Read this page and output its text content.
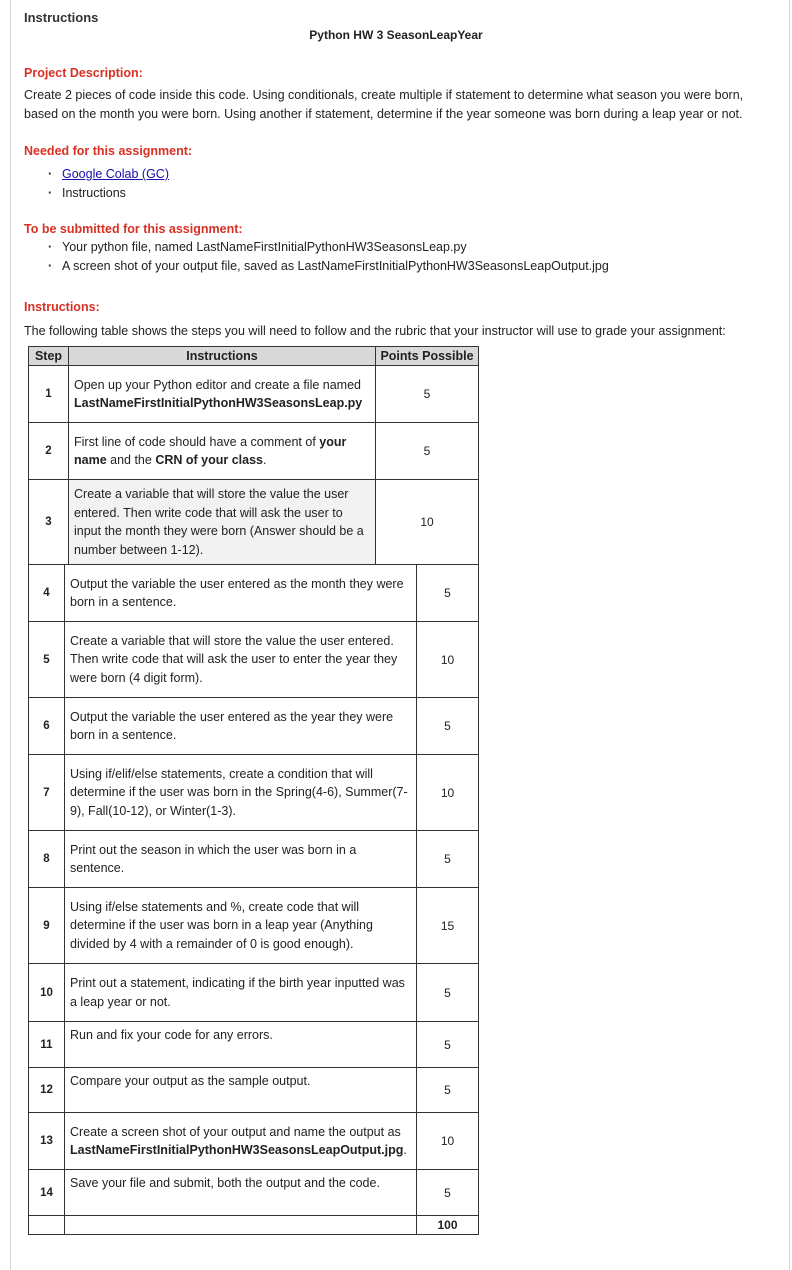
Instructions
Python HW 3 SeasonLeapYear
Project Description:
Create 2 pieces of code inside this code. Using conditionals, create multiple if statement to determine what season you were born, based on the month you were born. Using another if statement, determine if the year someone was born during a leap year or not.
Needed for this assignment:
· Google Colab (GC)
· Instructions
To be submitted for this assignment:
· Your python file, named LastNameFirstInitialPythonHW3SeasonsLeap.py
· A screen shot of your output file, saved as LastNameFirstInitialPythonHW3SeasonsLeapOutput.jpg
Instructions:
The following table shows the steps you will need to follow and the rubric that your instructor will use to grade your assignment:
Step	Instructions	Points Possible
1
Open up your Python editor and create a file named
LastNameFirstInitialPythonHW3SeasonsLeap.py
5
2
First line of code should have a comment of your name and the CRN of your class.
5
3
Create a variable that will store the value the user entered. Then write code that will ask the user to input the month they were born (Answer should be a number between 1-12).
10
4
Output the variable the user entered as the month they were born in a sentence.
5
5
Create a variable that will store the value the user entered. Then write code that will ask the user to enter the year they were born (4 digit form).
10
6
Output the variable the user entered as the year they were born in a sentence.
5
7
Using if/elif/else statements, create a condition that will determine if the user was born in the Spring(4-6), Summer(7-9), Fall(10-12), or Winter(1-3).
10
8
Print out the season in which the user was born in a sentence.
5
9
Using if/else statements and %, create code that will determine if the user was born in a leap year (Anything divided by 4 with a remainder of 0 is good enough).
15
10
Print out a statement, indicating if the birth year inputted was a leap year or not.
5
11
Run and fix your code for any errors.
5
12
Compare your output as the sample output.
5
13
Create a screen shot of your output and name the output as
LastNameFirstInitialPythonHW3SeasonsLeapOutput.jpg.
10
14
Save your file and submit, both the output and the code.
5
100
